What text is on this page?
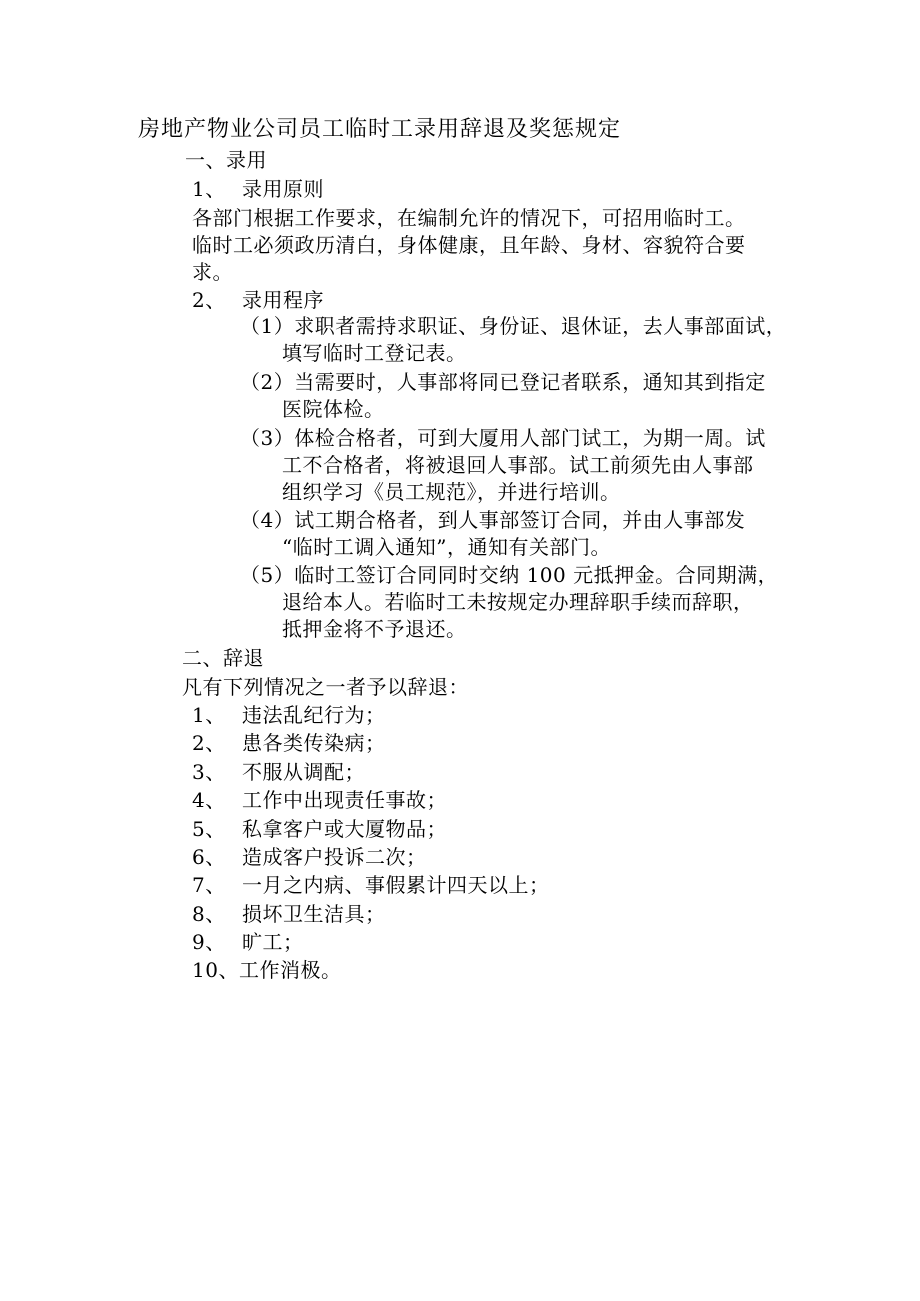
房地产物业公司员工临时工录用辞退及奖惩规定
一、录用
1、 录用原则
各部门根据工作要求，在编制允许的情况下，可招用临时工。
临时工必须政历清白，身体健康，且年龄、身材、容貌符合要
求。
2、 录用程序
（1）求职者需持求职证、身份证、退休证，去人事部面试，
填写临时工登记表。
（2）当需要时，人事部将同已登记者联系，通知其到指定
医院体检。
（3）体检合格者，可到大厦用人部门试工，为期一周。试
工不合格者，将被退回人事部。试工前须先由人事部
组织学习《员工规范》，并进行培训。
（4）试工期合格者，到人事部签订合同，并由人事部发
“临时工调入通知”，通知有关部门。
（5）临时工签订合同同时交纳 100 元抵押金。合同期满，
退给本人。若临时工未按规定办理辞职手续而辞职，
抵押金将不予退还。
二、辞退
凡有下列情况之一者予以辞退：
1、 违法乱纪行为；
2、 患各类传染病；
3、 不服从调配；
4、 工作中出现责任事故；
5、 私拿客户或大厦物品；
6、 造成客户投诉二次；
7、 一月之内病、事假累计四天以上；
8、 损坏卫生洁具；
9、 旷工；
10、工作消极。
